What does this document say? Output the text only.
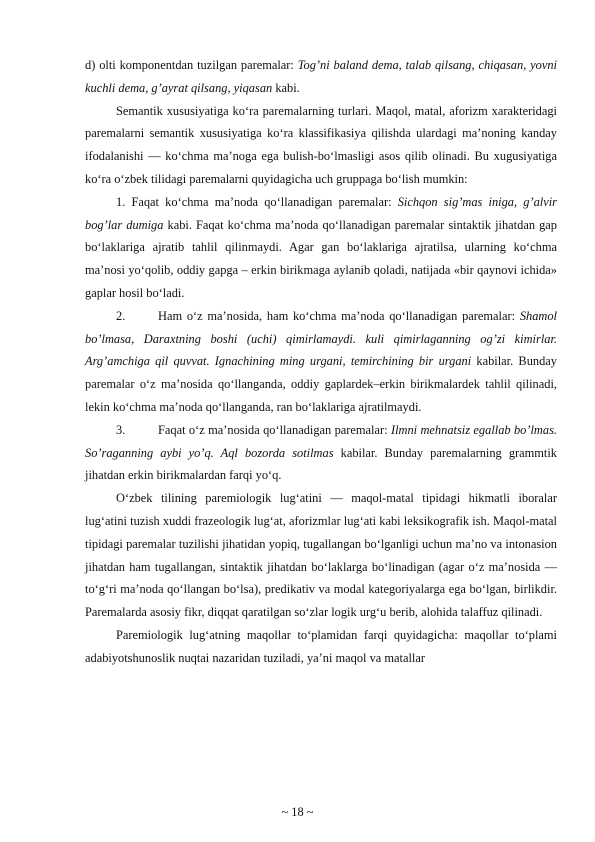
d) olti komponentdan tuzilgan paremalar: Tog’ni baland dema, talab qilsang, chiqasan, yovni kuchli dema, g’ayrat qilsang, yiqasan kabi.

Semantik xususiyatiga ko‘ra paremalarning turlari. Maqol, matal, aforizm xarakteridagi paremalarni semantik xususiyatiga ko‘ra klassifikasiya qilishda ulardagi ma’noning kanday ifodalanishi — ko‘chma ma’noga ega bulish-bo‘lmasligi asos qilib olinadi. Bu xugusiyatiga ko‘ra o‘zbek tilidagi paremalarni quyidagicha uch gruppaga bo‘lish mumkin:

1. Faqat ko‘chma ma’noda qo‘llanadigan paremalar: Sichqon sig’mas iniga, g’alvir bog’lar dumiga kabi. Faqat ko‘chma ma’noda qo‘llanadigan paremalar sintaktik jihatdan gap bo‘laklariga ajratib tahlil qilinmaydi. Agar gan bo‘laklariga ajratilsa, ularning ko‘chma ma’nosi yo‘qolib, oddiy gapga – erkin birikmaga aylanib qoladi, natijada «bir qaynovi ichida» gaplar hosil bo‘ladi.

2.	Ham o‘z ma’nosida, ham ko‘chma ma’noda qo‘llanadigan paremalar: Shamol bo’lmasa, Daraxtning boshi (uchi) qimirlamaydi. kuli qimirlaganning og’zi kimirlar. Arg’amchiga qil quvvat. Ignachining ming urgani, temirchining bir urgani kabilar. Bunday paremalar o‘z ma’nosida qo‘llanganda, oddiy gaplardek–erkin birikmalardek tahlil qilinadi, lekin ko‘chma ma’noda qo‘llanganda, ran bo‘laklariga ajratilmaydi.

3.	Faqat o‘z ma’nosida qo‘llanadigan paremalar: Ilmni mehnatsiz egallab bo’lmas. So’raganning aybi yo’q. Aql bozorda sotilmas kabilar. Bunday paremalarning grammtik jihatdan erkin birikmalardan farqi yo‘q.

O‘zbek tilining paremiologik lug‘atini — maqol-matal tipidagi hikmatli iboralar lug‘atini tuzish xuddi frazeologik lug‘at, aforizmlar lug‘ati kabi leksikografik ish. Maqol-matal tipidagi paremalar tuzilishi jihatidan yopiq, tugallangan bo‘lganligi uchun ma’no va intonasion jihatdan ham tugallangan, sintaktik jihatdan bo‘laklarga bo‘linadigan (agar o‘z ma’nosida — to‘g‘ri ma’noda qo‘llangan bo‘lsa), predikativ va modal kategoriyalarga ega bo‘lgan, birlikdir. Paremalarda asosiy fikr, diqqat qaratilgan so‘zlar logik urg‘u berib, alohida talaffuz qilinadi.

Paremiologik lug‘atning maqollar to‘plamidan farqi quyidagicha: maqollar to‘plami adabiyotshunoslik nuqtai nazaridan tuziladi, ya’ni maqol va matallar

~ 18 ~
